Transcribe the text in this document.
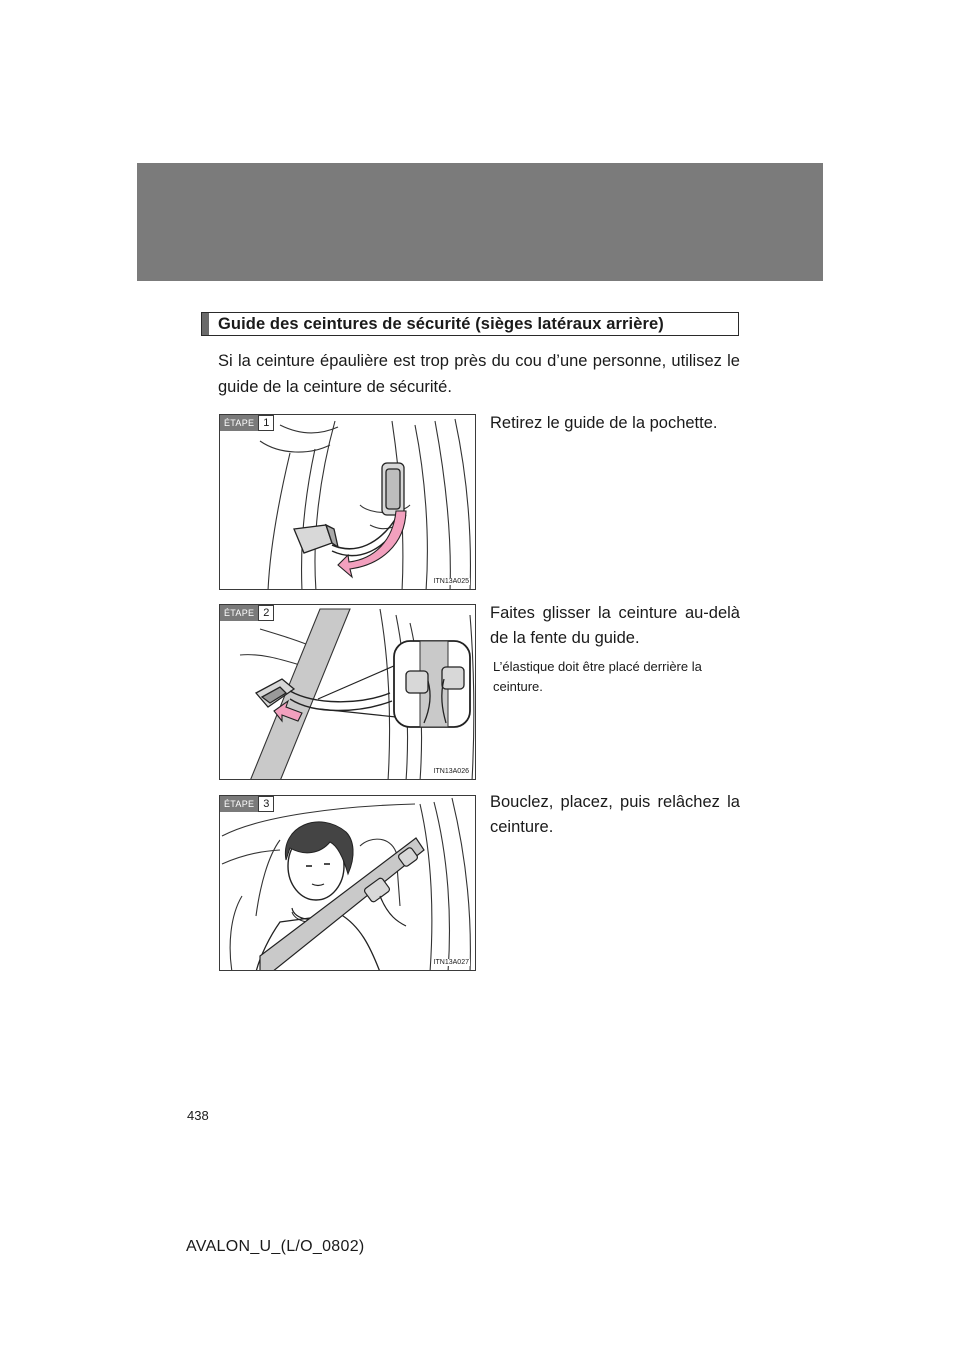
Guide des ceintures de sécurité (sièges latéraux arrière)
Si la ceinture épaulière est trop près du cou d’une personne, utilisez le guide de la ceinture de sécurité.
ÉTAPE 1
ITN13A025
Retirez le guide de la pochette.
ÉTAPE 2
ITN13A026
Faites glisser la ceinture au-delà de la fente du guide.
L’élastique doit être placé derrière la ceinture.
ÉTAPE 3
ITN13A027
Bouclez, placez, puis relâchez la ceinture.
438
AVALON_U_(L/O_0802)
